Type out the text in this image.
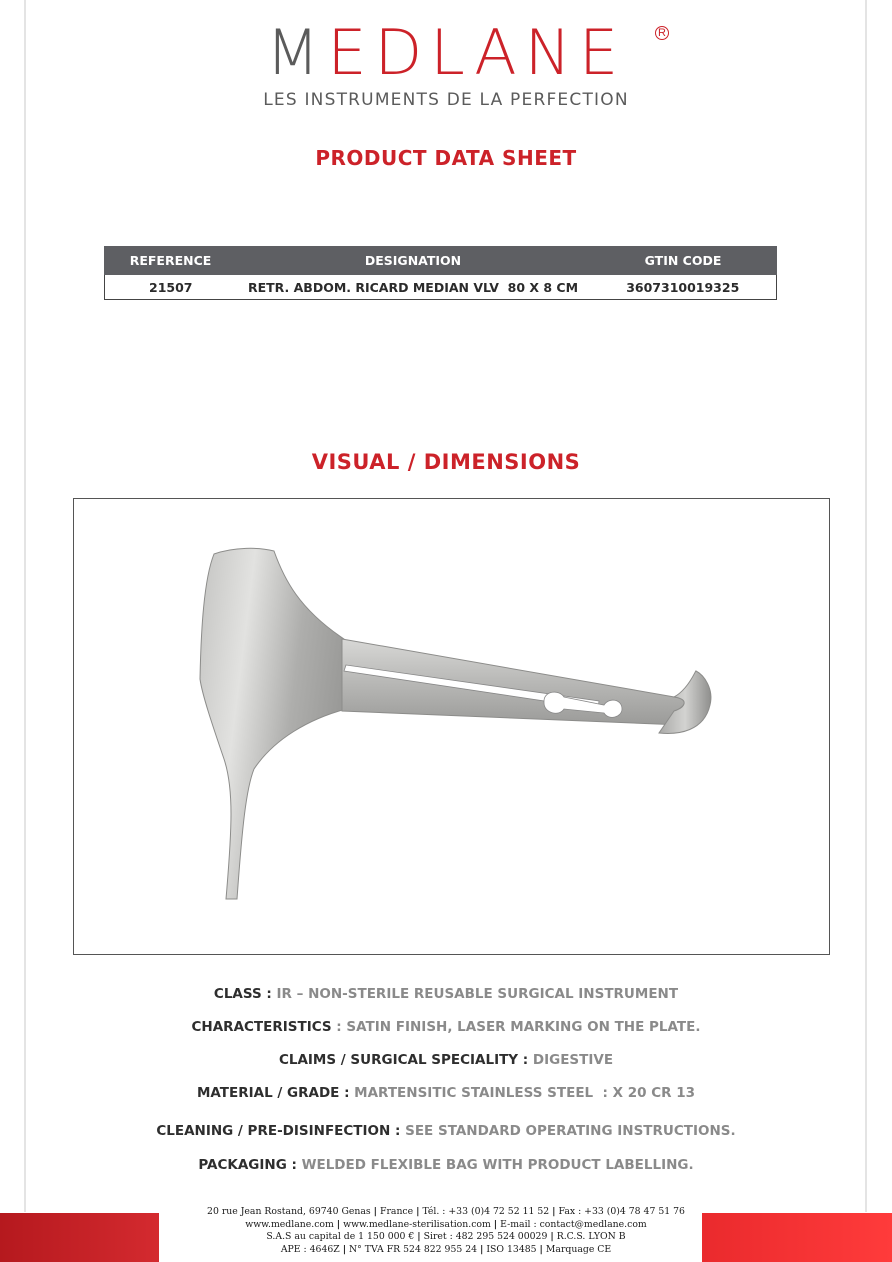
MEDLANE	R
LES INSTRUMENTS DE LA PERFECTION
PRODUCT DATA SHEET
REFERENCE	DESIGNATION	GTIN CODE
21507	RETR. ABDOM. RICARD MEDIAN VLV  80 X 8 CM	3607310019325
VISUAL / DIMENSIONS
CLASS : IR – NON-STERILE REUSABLE SURGICAL INSTRUMENT
CHARACTERISTICS : SATIN FINISH, LASER MARKING ON THE PLATE.
CLAIMS / SURGICAL SPECIALITY : DIGESTIVE
MATERIAL / GRADE : MARTENSITIC STAINLESS STEEL  : X 20 CR 13
CLEANING / PRE-DISINFECTION : SEE STANDARD OPERATING INSTRUCTIONS.
PACKAGING : WELDED FLEXIBLE BAG WITH PRODUCT LABELLING.
20 rue Jean Rostand, 69740 Genas | France | Tél. : +33 (0)4 72 52 11 52 | Fax : +33 (0)4 78 47 51 76
www.medlane.com | www.medlane-sterilisation.com | E-mail : contact@medlane.com
S.A.S au capital de 1 150 000 € | Siret : 482 295 524 00029 | R.C.S. LYON B
APE : 4646Z | N° TVA FR 524 822 955 24 | ISO 13485 | Marquage CE
